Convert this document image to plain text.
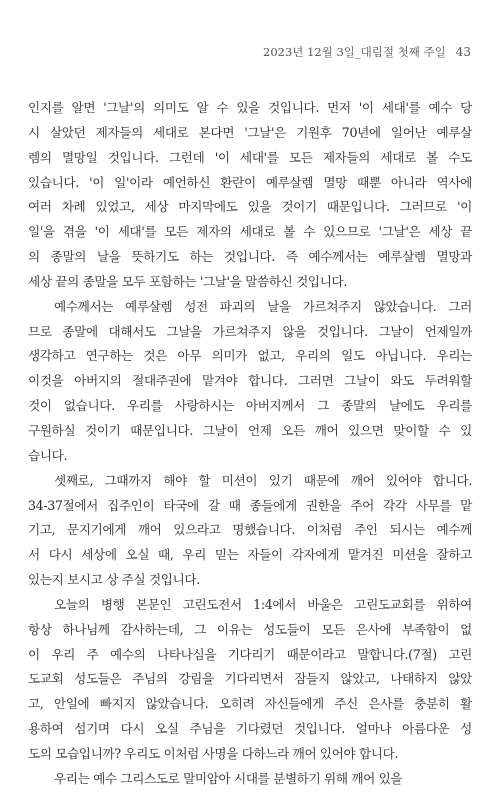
2023년 12월 3일_대림절 첫째 주일 43
인지를 알면 '그날'의 의미도 알 수 있을 것입니다. 먼저 '이 세대'를 예수 당
시 살았던 제자들의 세대로 본다면 '그날'은 기원후 70년에 일어난 예루살
렘의 멸망일 것입니다. 그런데 '이 세대'를 모든 제자들의 세대로 볼 수도
있습니다. '이 일'이라 예언하신 환란이 예루살렘 멸망 때뿐 아니라 역사에
여러 차례 있었고, 세상 마지막에도 있을 것이기 때문입니다. 그러므로 '이
일'을 겪을 '이 세대'를 모든 제자의 세대로 볼 수 있으므로 '그날'은 세상 끝
의 종말의 날을 뜻하기도 하는 것입니다. 즉 예수께서는 예루살렘 멸망과
세상 끝의 종말을 모두 포함하는 '그날'을 말씀하신 것입니다.
예수께서는 예루살렘 성전 파괴의 날을 가르쳐주지 않았습니다. 그러
므로 종말에 대해서도 그날을 가르쳐주지 않을 것입니다. 그날이 언제일까
생각하고 연구하는 것은 아무 의미가 없고, 우리의 일도 아닙니다. 우리는
이것을 아버지의 절대주권에 맡겨야 합니다. 그러면 그날이 와도 두려워할
것이 없습니다. 우리를 사랑하시는 아버지께서 그 종말의 날에도 우리를
구원하실 것이기 때문입니다. 그날이 언제 오든 깨어 있으면 맞이할 수 있
습니다.
셋째로, 그때까지 해야 할 미션이 있기 때문에 깨어 있어야 합니다.
34-37절에서 집주인이 타국에 갈 때 종들에게 권한을 주어 각각 사무를 맡
기고, 문지기에게 깨어 있으라고 명했습니다. 이처럼 주인 되시는 예수께
서 다시 세상에 오실 때, 우리 믿는 자들이 각자에게 맡겨진 미션을 잘하고
있는지 보시고 상 주실 것입니다.
오늘의 병행 본문인 고린도전서 1:4에서 바울은 고린도교회를 위하여
항상 하나님께 감사하는데, 그 이유는 성도들이 모든 은사에 부족함이 없
이 우리 주 예수의 나타나심을 기다리기 때문이라고 말합니다.(7절) 고린
도교회 성도들은 주님의 강림을 기다리면서 잠들지 않았고, 나태하지 않았
고, 안일에 빠지지 않았습니다. 오히려 자신들에게 주신 은사를 충분히 활
용하여 섬기며 다시 오실 주님을 기다렸던 것입니다. 얼마나 아름다운 성
도의 모습입니까? 우리도 이처럼 사명을 다하느라 깨어 있어야 합니다.
우리는 예수 그리스도로 말미암아 시대를 분별하기 위해 깨어 있을
